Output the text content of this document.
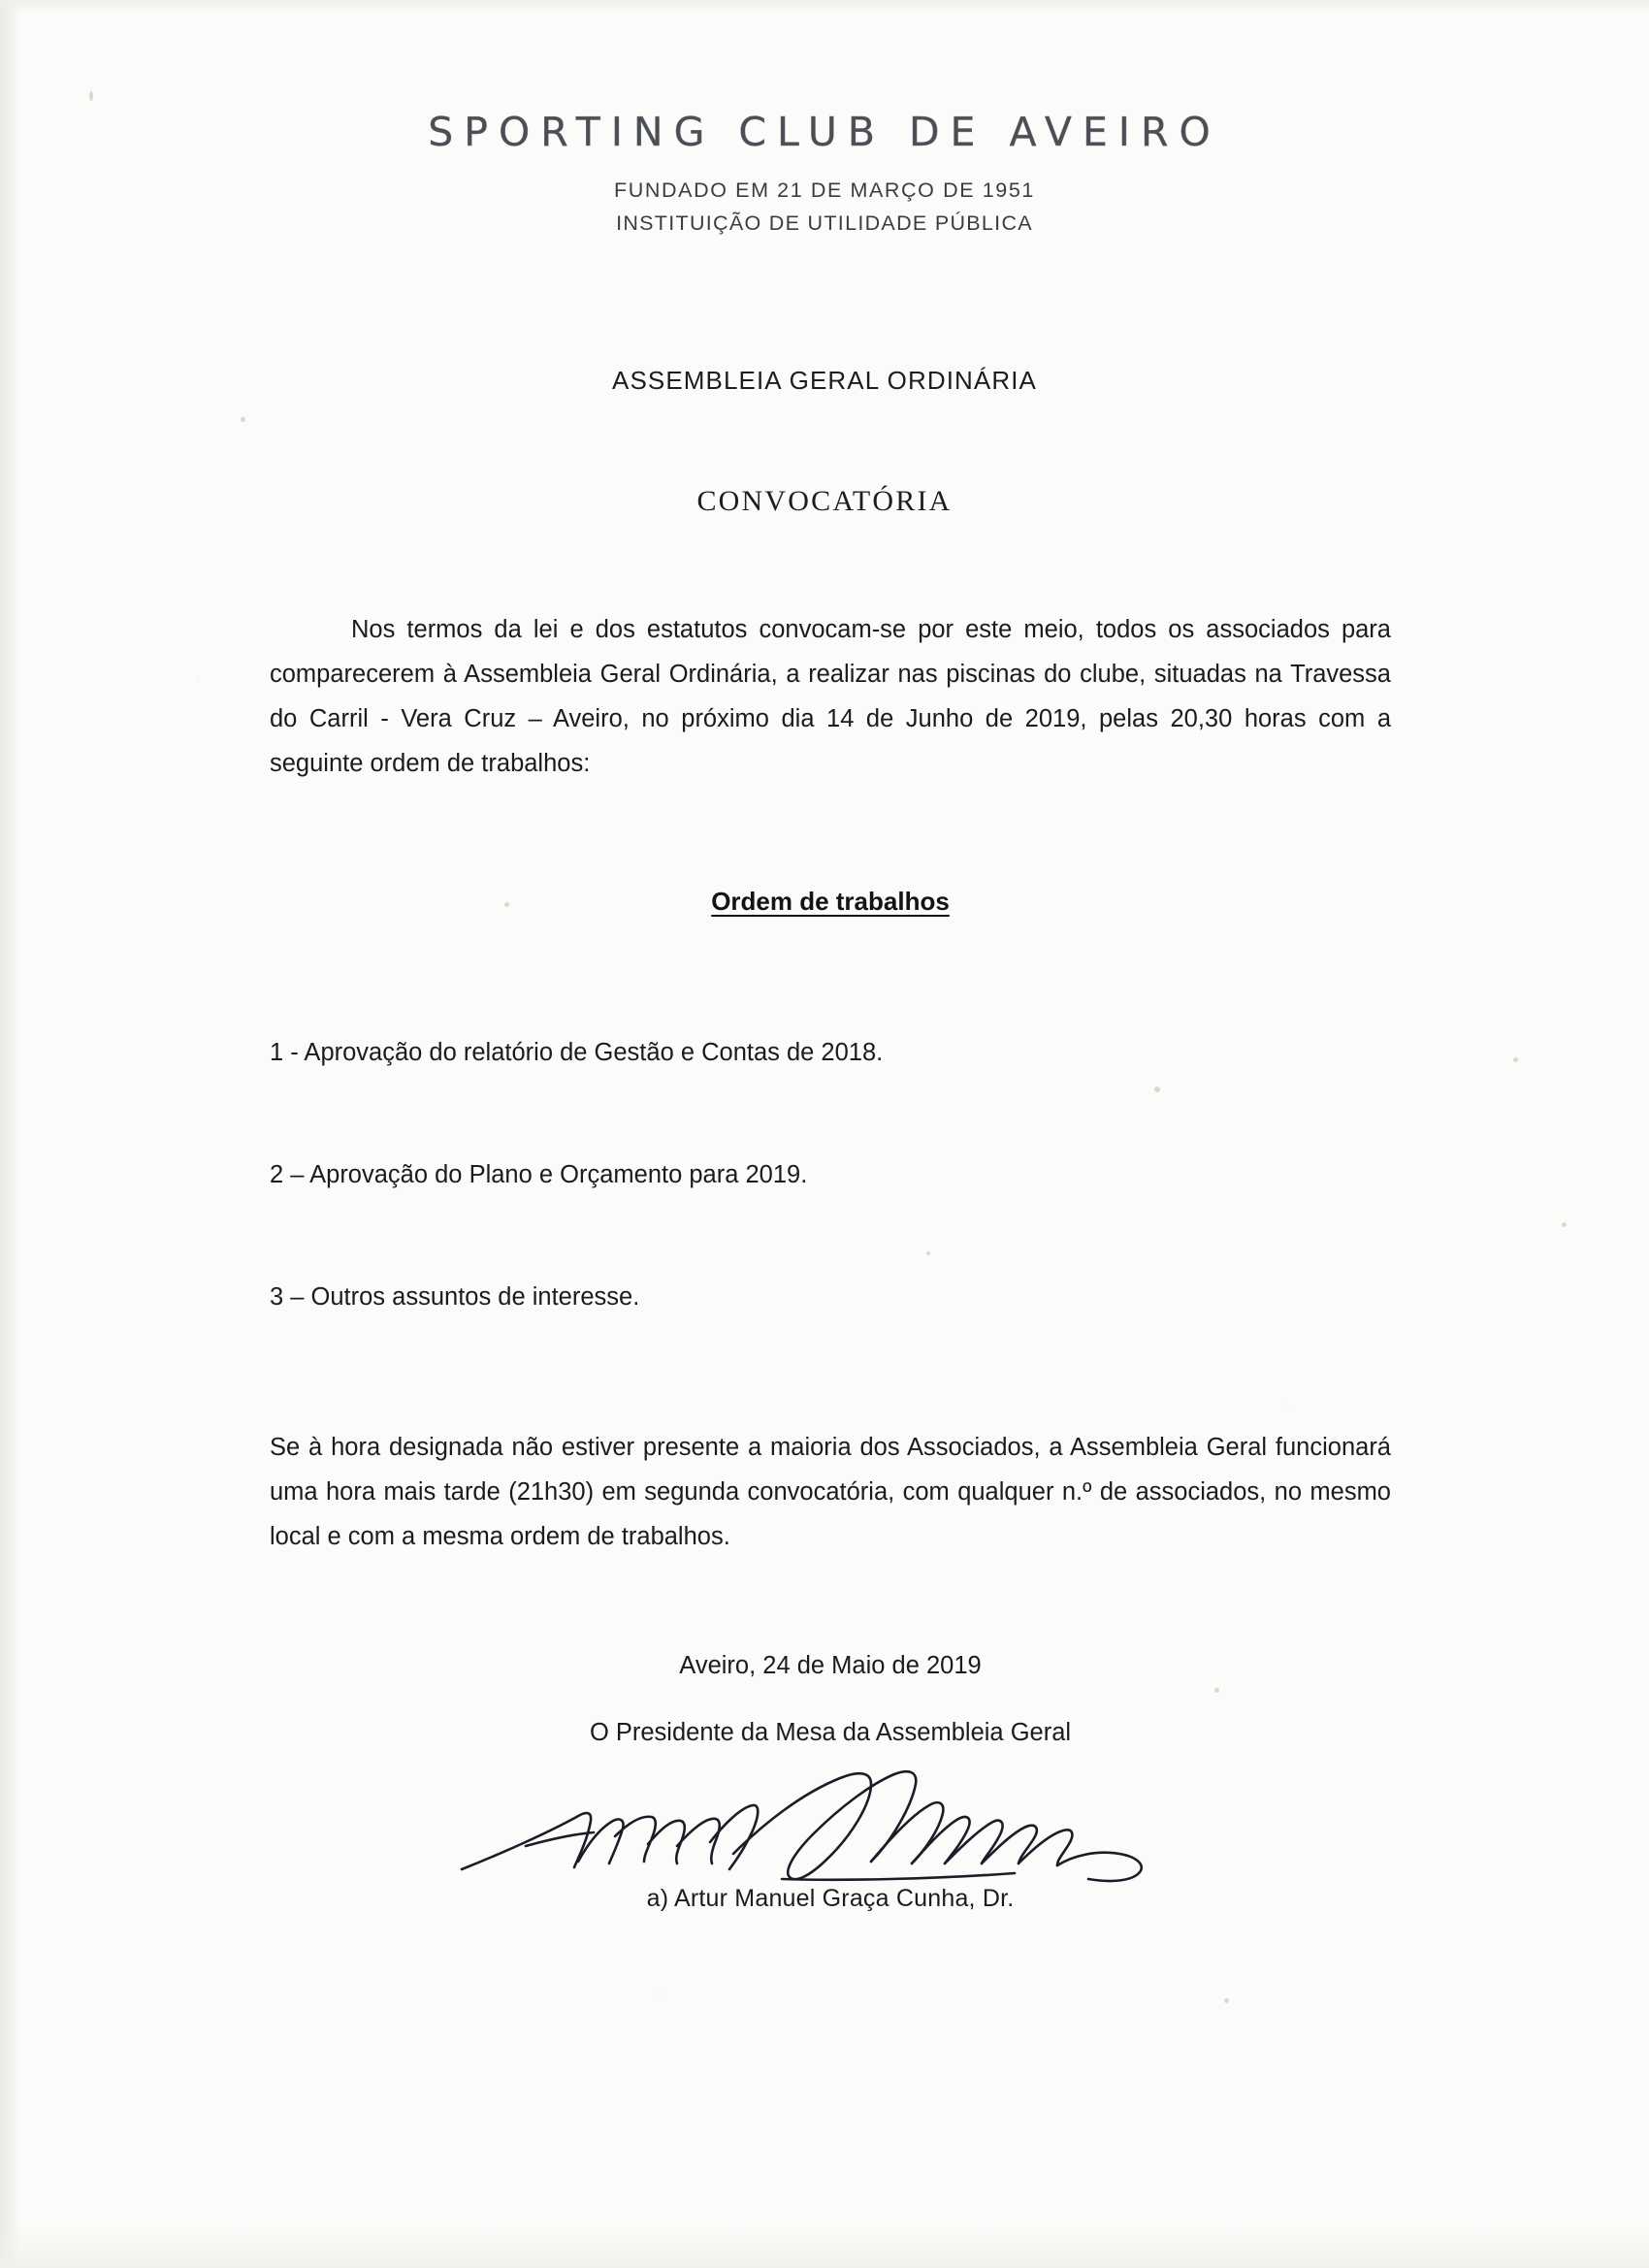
SPORTING CLUB DE AVEIRO
FUNDADO EM 21 DE MARÇO DE 1951
INSTITUIÇÃO DE UTILIDADE PÚBLICA
ASSEMBLEIA GERAL ORDINÁRIA
CONVOCATÓRIA
Nos termos da lei e dos estatutos convocam-se por este meio, todos os associados para comparecerem à Assembleia Geral Ordinária, a realizar nas piscinas do clube, situadas na Travessa do Carril - Vera Cruz – Aveiro, no próximo dia 14 de Junho de 2019, pelas 20,30 horas com a seguinte ordem de trabalhos:
Ordem de trabalhos
1 - Aprovação do relatório de Gestão e Contas de 2018.
2 – Aprovação do Plano e Orçamento para 2019.
3 – Outros assuntos de interesse.
Se à hora designada não estiver presente a maioria dos Associados, a Assembleia Geral funcionará uma hora mais tarde (21h30) em segunda convocatória, com qualquer n.º de associados, no mesmo local e com a mesma ordem de trabalhos.
Aveiro, 24 de Maio de 2019
O Presidente da Mesa da Assembleia Geral
a) Artur Manuel Graça Cunha, Dr.
